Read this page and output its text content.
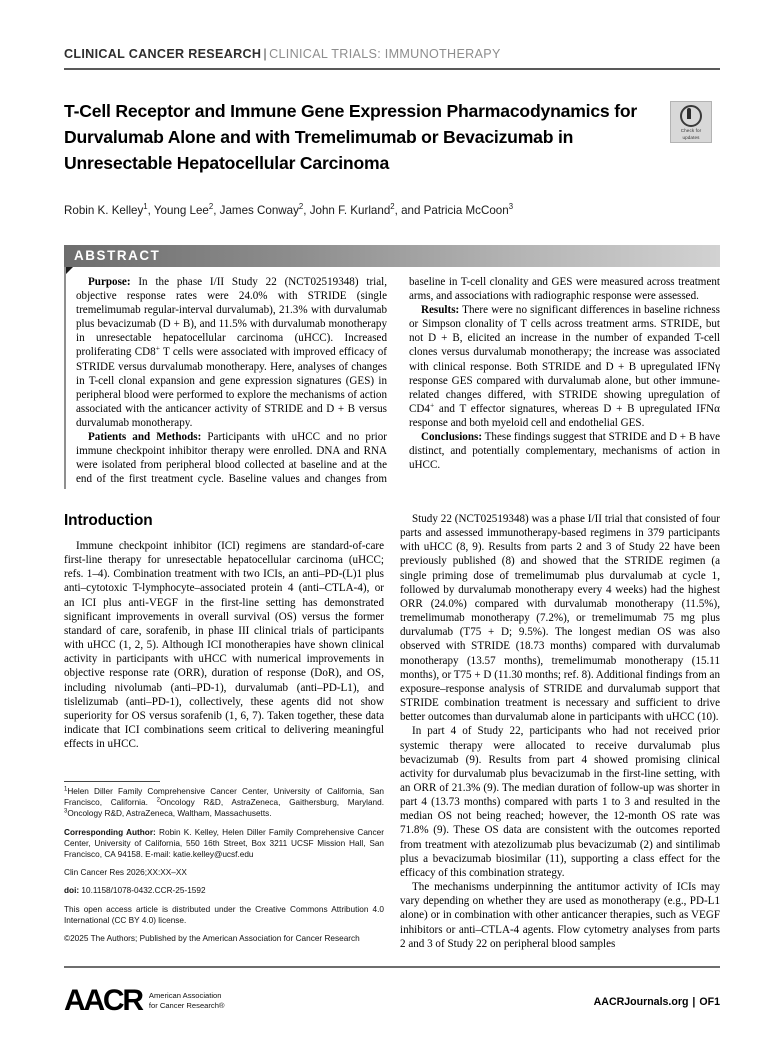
CLINICAL CANCER RESEARCH | CLINICAL TRIALS: IMMUNOTHERAPY
T-Cell Receptor and Immune Gene Expression Pharmacodynamics for Durvalumab Alone and with Tremelimumab or Bevacizumab in Unresectable Hepatocellular Carcinoma
Robin K. Kelley$^1$, Young Lee$^2$, James Conway$^2$, John F. Kurland$^2$, and Patricia McCoon$^3$
Check for
updates
ABSTRACT

Purpose: In the phase I/II Study 22 (NCT02519348) trial, objective response rates were 24.0% with STRIDE (single tremelimumab regular-interval durvalumab), 21.3% with durvalumab plus bevacizumab (D + B), and 11.5% with durvalumab monotherapy in unresectable hepatocellular carcinoma (uHCC). Increased proliferating CD8+ T cells were associated with improved efficacy of STRIDE versus durvalumab monotherapy. Here, analyses of changes in T-cell clonal expansion and gene expression signatures (GES) in peripheral blood were performed to explore the mechanisms of action associated with the anticancer activity of STRIDE and D + B versus durvalumab monotherapy.

Patients and Methods: Participants with uHCC and no prior immune checkpoint inhibitor therapy were enrolled. DNA and RNA were isolated from peripheral blood collected at baseline and at the end of the first treatment cycle. Baseline values and changes from baseline in T-cell clonality and GES were measured across treatment arms, and associations with radiographic response were assessed.

Results: There were no significant differences in baseline richness or Simpson clonality of T cells across treatment arms. STRIDE, but not D + B, elicited an increase in the number of expanded T-cell clones versus durvalumab monotherapy; the increase was associated with clinical response. Both STRIDE and D + B upregulated IFNγ response GES compared with durvalumab alone, but other immune-related changes differed, with STRIDE showing upregulation of CD4+ and T effector signatures, whereas D + B upregulated IFNα response and both myeloid cell and endothelial GES.

Conclusions: These findings suggest that STRIDE and D + B have distinct, and potentially complementary, mechanisms of action in uHCC.

Introduction

Immune checkpoint inhibitor (ICI) regimens are standard-of-care first-line therapy for unresectable hepatocellular carcinoma (uHCC; refs. 1–4). Combination treatment with two ICIs, an anti–PD-(L)1 plus anti–cytotoxic T-lymphocyte–associated protein 4 (anti–CTLA-4), or an ICI plus anti-VEGF in the first-line setting has demonstrated significant improvements in overall survival (OS) versus the former standard of care, sorafenib, in phase III clinical trials of participants with uHCC (1, 2, 5). Although ICI monotherapies have shown clinical activity in participants with uHCC with numerical improvements in objective response rate (ORR), duration of response (DoR), and OS, including nivolumab (anti–PD-1), durvalumab (anti–PD-L1), and tislelizumab (anti–PD-1), collectively, these agents did not show superiority for OS versus sorafenib (1, 6, 7). Taken together, these data indicate that ICI combinations seem critical to delivering meaningful effects in uHCC.

Study 22 (NCT02519348) was a phase I/II trial that consisted of four parts and assessed immunotherapy-based regimens in 379 participants with uHCC (8, 9). Results from parts 2 and 3 of Study 22 have been previously published (8) and showed that the STRIDE regimen (a single priming dose of tremelimumab plus durvalumab at cycle 1, followed by durvalumab monotherapy every 4 weeks) had the highest ORR (24.0%) compared with durvalumab monotherapy (11.5%), tremelimumab monotherapy (7.2%), or tremelimumab 75 mg plus durvalumab (T75 + D; 9.5%). The longest median OS was also observed with STRIDE (18.73 months) compared with durvalumab monotherapy (13.57 months), tremelimumab monotherapy (15.11 months), or T75 + D (11.30 months; ref. 8). Additional findings from an exposure–response analysis of STRIDE and durvalumab support that STRIDE combination treatment is necessary and sufficient to drive better outcomes than durvalumab alone in participants with uHCC (10).

In part 4 of Study 22, participants who had not received prior systemic therapy were allocated to receive durvalumab plus bevacizumab (9). Results from part 4 showed promising clinical activity for durvalumab plus bevacizumab in the first-line setting, with an ORR of 21.3% (9). The median duration of follow-up was shorter in part 4 (13.73 months) compared with parts 1 to 3 and resulted in the median OS not being reached; however, the 12-month OS rate was 71.8% (9). These OS data are consistent with the outcomes reported from treatment with atezolizumab plus bevacizumab (2) and sintilimab plus a bevacizumab biosimilar (11), supporting a class effect for the efficacy of this combination strategy.

The mechanisms underpinning the antitumor activity of ICIs may vary depending on whether they are used as monotherapy (e.g., PD-L1 alone) or in combination with other anticancer therapies, such as VEGF inhibitors or anti–CTLA-4 agents. Flow cytometry analyses from parts 2 and 3 of Study 22 on peripheral blood samples

$^1$Helen Diller Family Comprehensive Cancer Center, University of California, San Francisco, California. $^2$Oncology R&D, AstraZeneca, Gaithersburg, Maryland. $^3$Oncology R&D, AstraZeneca, Waltham, Massachusetts.

Corresponding Author: Robin K. Kelley, Helen Diller Family Comprehensive Cancer Center, University of California, 550 16th Street, Box 3211 UCSF Mission Hall, San Francisco, CA 94158. E-mail: katie.kelley@ucsf.edu

Clin Cancer Res 2026;XX:XX–XX

doi: 10.1158/1078-0432.CCR-25-1592

This open access article is distributed under the Creative Commons Attribution 4.0 International (CC BY 4.0) license.

©2025 The Authors; Published by the American Association for Cancer Research

AACR American Association
for Cancer Research®	AACRJournals.org | OF1
